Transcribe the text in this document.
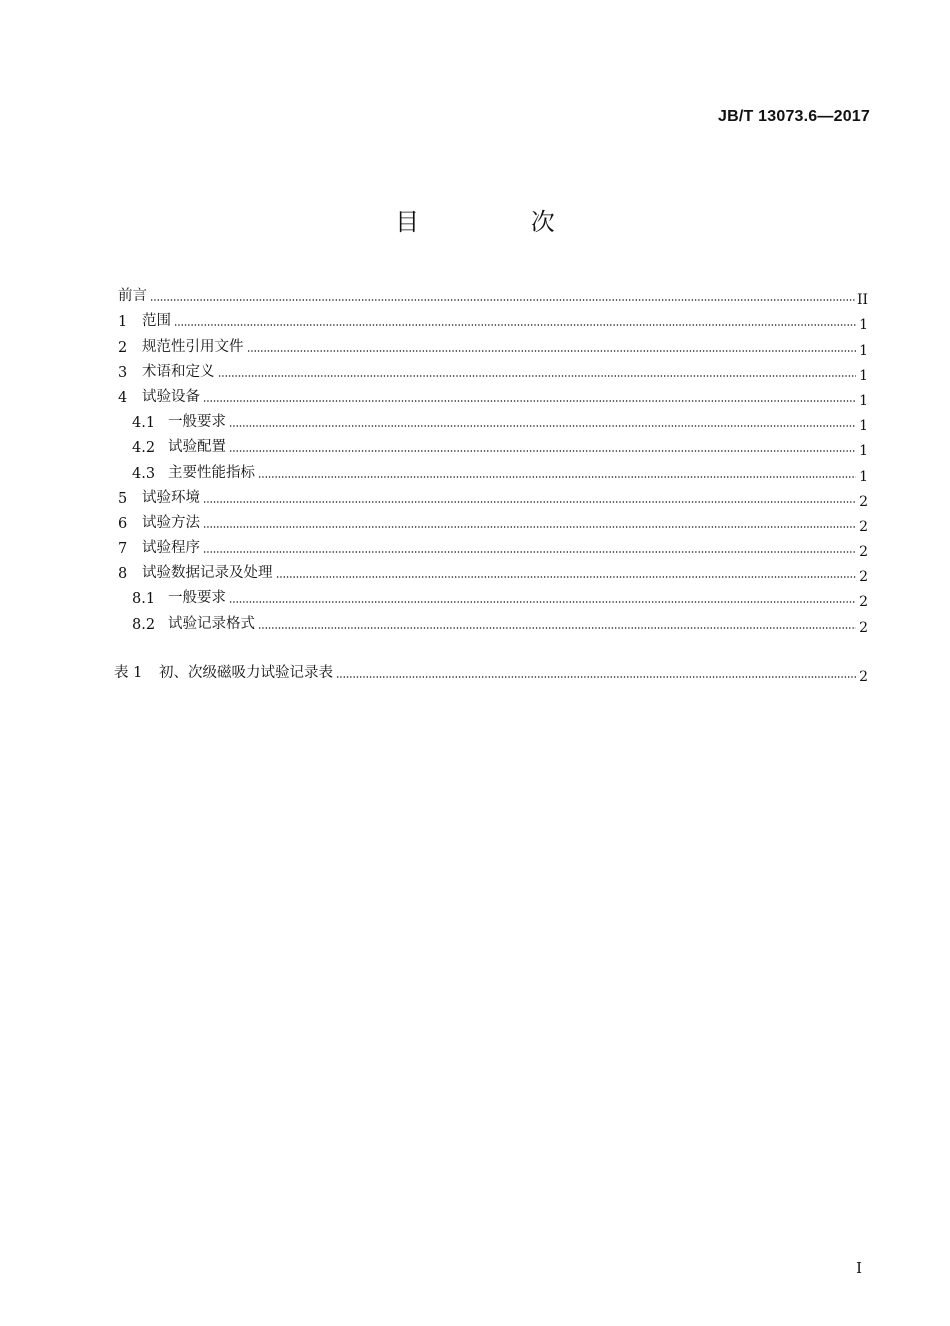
JB/T 13073.6—2017
目 次
前言	II
1	范围	1
2	规范性引用文件	1
3	术语和定义	1
4	试验设备	1
4.1 一般要求	1
4.2 试验配置	1
4.3 主要性能指标	1
5	试验环境	2
6	试验方法	2
7	试验程序	2
8	试验数据记录及处理	2
8.1 一般要求	2
8.2 试验记录格式	2
表 1	初、次级磁吸力试验记录表	2
I
